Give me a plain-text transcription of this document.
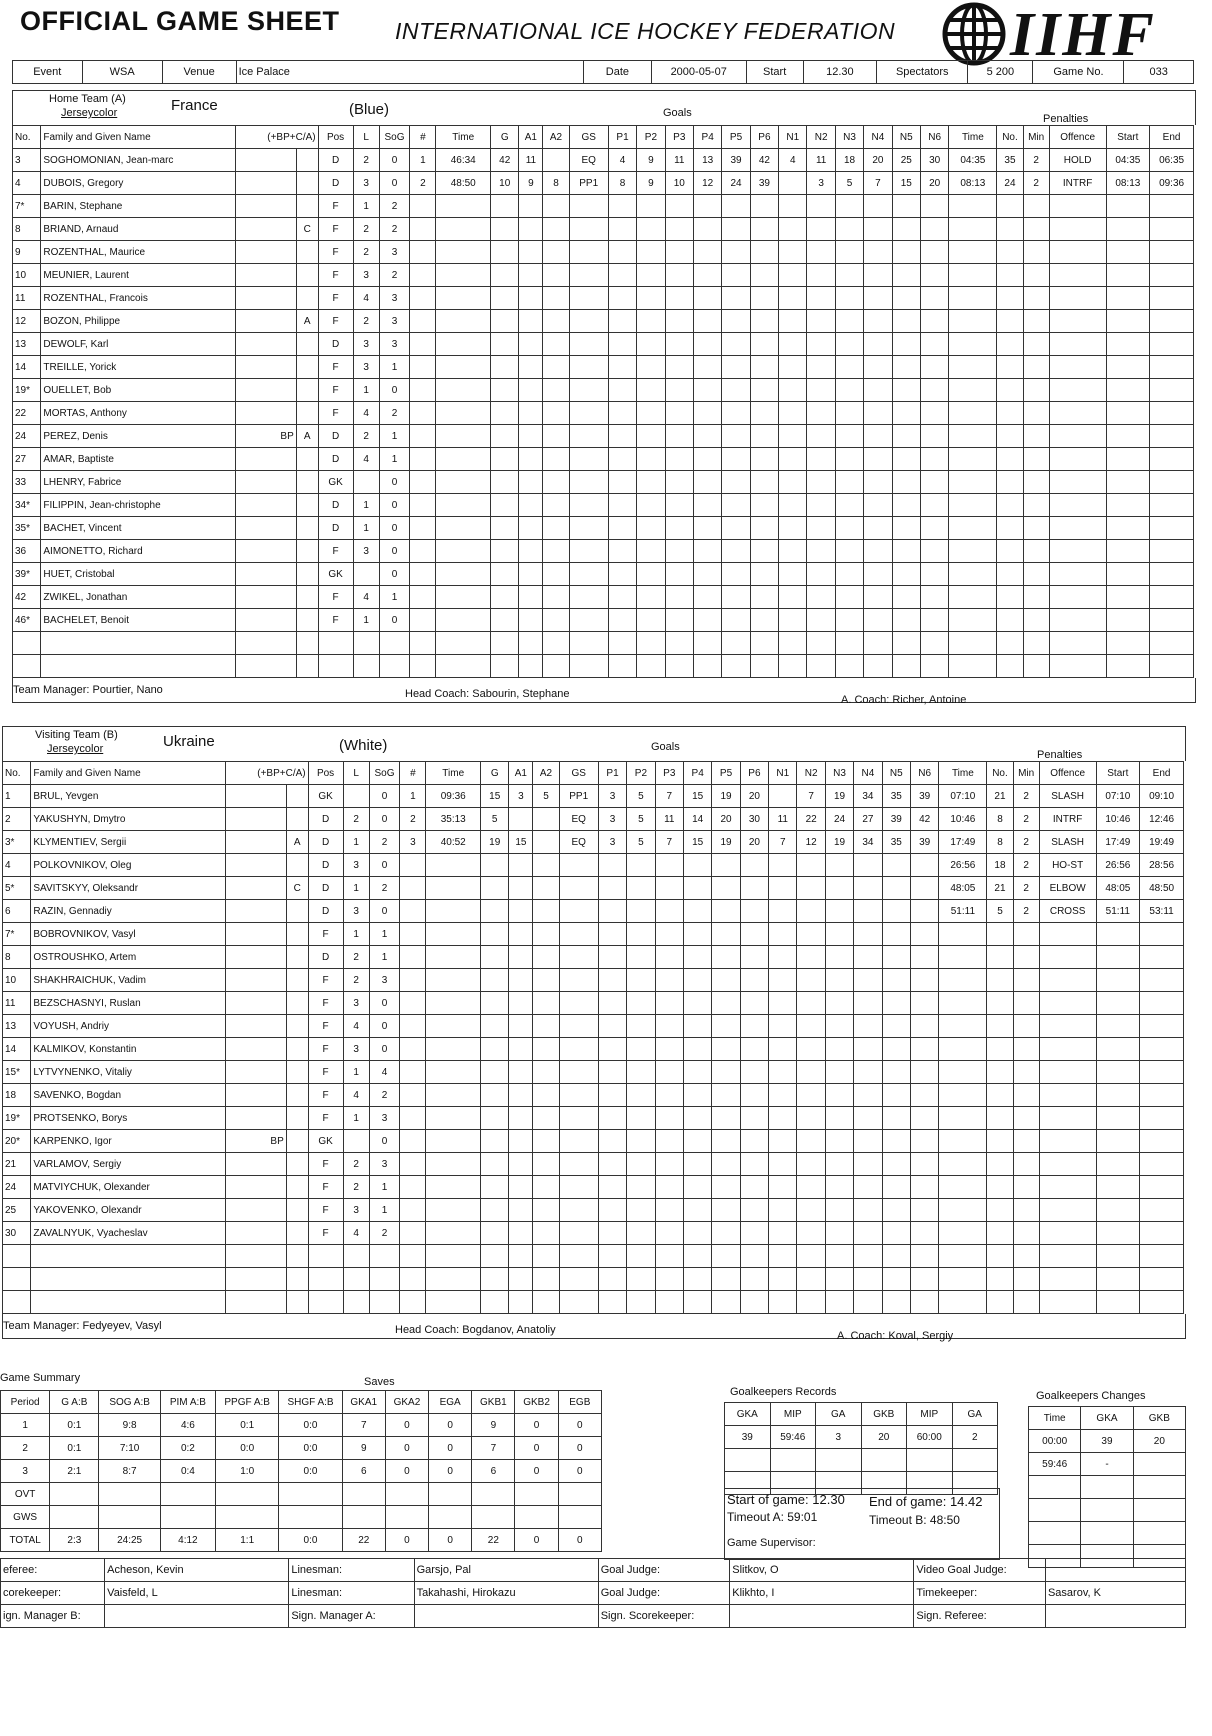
OFFICIAL GAME SHEET INTERNATIONAL ICE HOCKEY FEDERATION IIHF
Event	WSA	Venue	Ice Palace	Date	2000-05-07	Start	12.30	Spectators	5 200	Game No.	033
Home Team (A)
Jerseycolor	France	(Blue)	Goals	Penalties
No.	Family and Given Name	(+BP+C/A)		Pos	L	SoG	#	Time	G	A1	A2	GS	P1	P2	P3	P4	P5	P6	N1	N2	N3	N4	N5	N6	Time	No.	Min	Offence	Start	End
3	SOGHOMONIAN, Jean-marc			D	2	0	1	46:34	42	11		EQ	4	9	11	13	39	42	4	11	18	20	25	30	04:35	35	2	HOLD	04:35	06:35
4	DUBOIS, Gregory			D	3	0	2	48:50	10	9	8	PP1	8	9	10	12	24	39		3	5	7	15	20	08:13	24	2	INTRF	08:13	09:36
7*	BARIN, Stephane			F	1	2																								
8	BRIAND, Arnaud		C	F	2	2																								
9	ROZENTHAL, Maurice			F	2	3																								
10	MEUNIER, Laurent			F	3	2																								
11	ROZENTHAL, Francois			F	4	3																								
12	BOZON, Philippe		A	F	2	3																								
13	DEWOLF, Karl			D	3	3																								
14	TREILLE, Yorick			F	3	1																								
19*	OUELLET, Bob			F	1	0																								
22	MORTAS, Anthony			F	4	2																								
24	PEREZ, Denis	BP	A	D	2	1																								
27	AMAR, Baptiste			D	4	1																								
33	LHENRY, Fabrice			GK		0																								
34*	FILIPPIN, Jean-christophe			D	1	0																								
35*	BACHET, Vincent			D	1	0																								
36	AIMONETTO, Richard			F	3	0																								
39*	HUET, Cristobal			GK		0																								
42	ZWIKEL, Jonathan			F	4	1																								
46*	BACHELET, Benoit			F	1	0																								

Team Manager: Pourtier, Nano	Head Coach: Sabourin, Stephane	A. Coach: Richer, Antoine
Visiting Team (B)
Jerseycolor	Ukraine	(White)	Goals
Penalties
No.	Family and Given Name	(+BP+C/A)		Pos	L	SoG	#	Time	G	A1	A2	GS	P1	P2	P3	P4	P5	P6	N1	N2	N3	N4	N5	N6	Time	No.	Min	Offence	Start	End
1	BRUL, Yevgen			GK		0	1	09:36	15	3	5	PP1	3	5	7	15	19	20		7	19	34	35	39	07:10	21	2	SLASH	07:10	09:10
2	YAKUSHYN, Dmytro			D	2	0	2	35:13	5			EQ	3	5	11	14	20	30	11	22	24	27	39	42	10:46	8	2	INTRF	10:46	12:46
3*	KLYMENTIEV, Sergii		A	D	1	2	3	40:52	19	15		EQ	3	5	7	15	19	20	7	12	19	34	35	39	17:49	8	2	SLASH	17:49	19:49
4	POLKOVNIKOV, Oleg			D	3	0																			26:56	18	2	HO-ST	26:56	28:56
5*	SAVITSKYY, Oleksandr		C	D	1	2																			48:05	21	2	ELBOW	48:05	48:50
6	RAZIN, Gennadiy			D	3	0																			51:11	5	2	CROSS	51:11	53:11
7*	BOBROVNIKOV, Vasyl			F	1	1																								
8	OSTROUSHKO, Artem			D	2	1																								
10	SHAKHRAICHUK, Vadim			F	2	3																								
11	BEZSCHASNYI, Ruslan			F	3	0																								
13	VOYUSH, Andriy			F	4	0																								
14	KALMIKOV, Konstantin			F	3	0																								
15*	LYTVYNENKO, Vitaliy			F	1	4																								
18	SAVENKO, Bogdan			F	4	2																								
19*	PROTSENKO, Borys			F	1	3																								
20*	KARPENKO, Igor	BP		GK		0																								
21	VARLAMOV, Sergiy			F	2	3																								
24	MATVIYCHUK, Olexander			F	2	1																								
25	YAKOVENKO, Olexandr			F	3	1																								
30	ZAVALNYUK, Vyacheslav			F	4	2																								

Team Manager: Fedyeyev, Vasyl	Head Coach: Bogdanov, Anatoliy	A. Coach: Koval, Sergiy
Game Summary	Saves
Period	G A:B	SOG A:B	PIM A:B	PPGF A:B	SHGF A:B	GKA1	GKA2	EGA	GKB1	GKB2	EGB
1	0:1	9:8	4:6	0:1	0:0	7	0	0	9	0	0
2	0:1	7:10	0:2	0:0	0:0	9	0	0	7	0	0
3	2:1	8:7	0:4	1:0	0:0	6	0	0	6	0	0
OVT											
GWS											
TOTAL	2:3	24:25	4:12	1:1	0:0	22	0	0	22	0	0
Goalkeepers Records
GKA	MIP	GA	GKB	MIP	GA
39	59:46	3	20	60:00	2

Start of game: 12.30 End of game: 14.42
Timeout A: 59:01	Timeout B: 48:50
Game Supervisor:
Goalkeepers Changes
Time	GKA	GKB
00:00	39	20
59:46	-	

eferee:	Acheson, Kevin	Linesman:	Garsjo, Pal	Goal Judge:	Slitkov, O	Video Goal Judge:	
corekeeper:	Vaisfeld, L	Linesman:	Takahashi, Hirokazu	Goal Judge:	Klikhto, I	Timekeeper:	Sasarov, K
ign. Manager B:		Sign. Manager A:		Sign. Scorekeeper:		Sign. Referee:	
